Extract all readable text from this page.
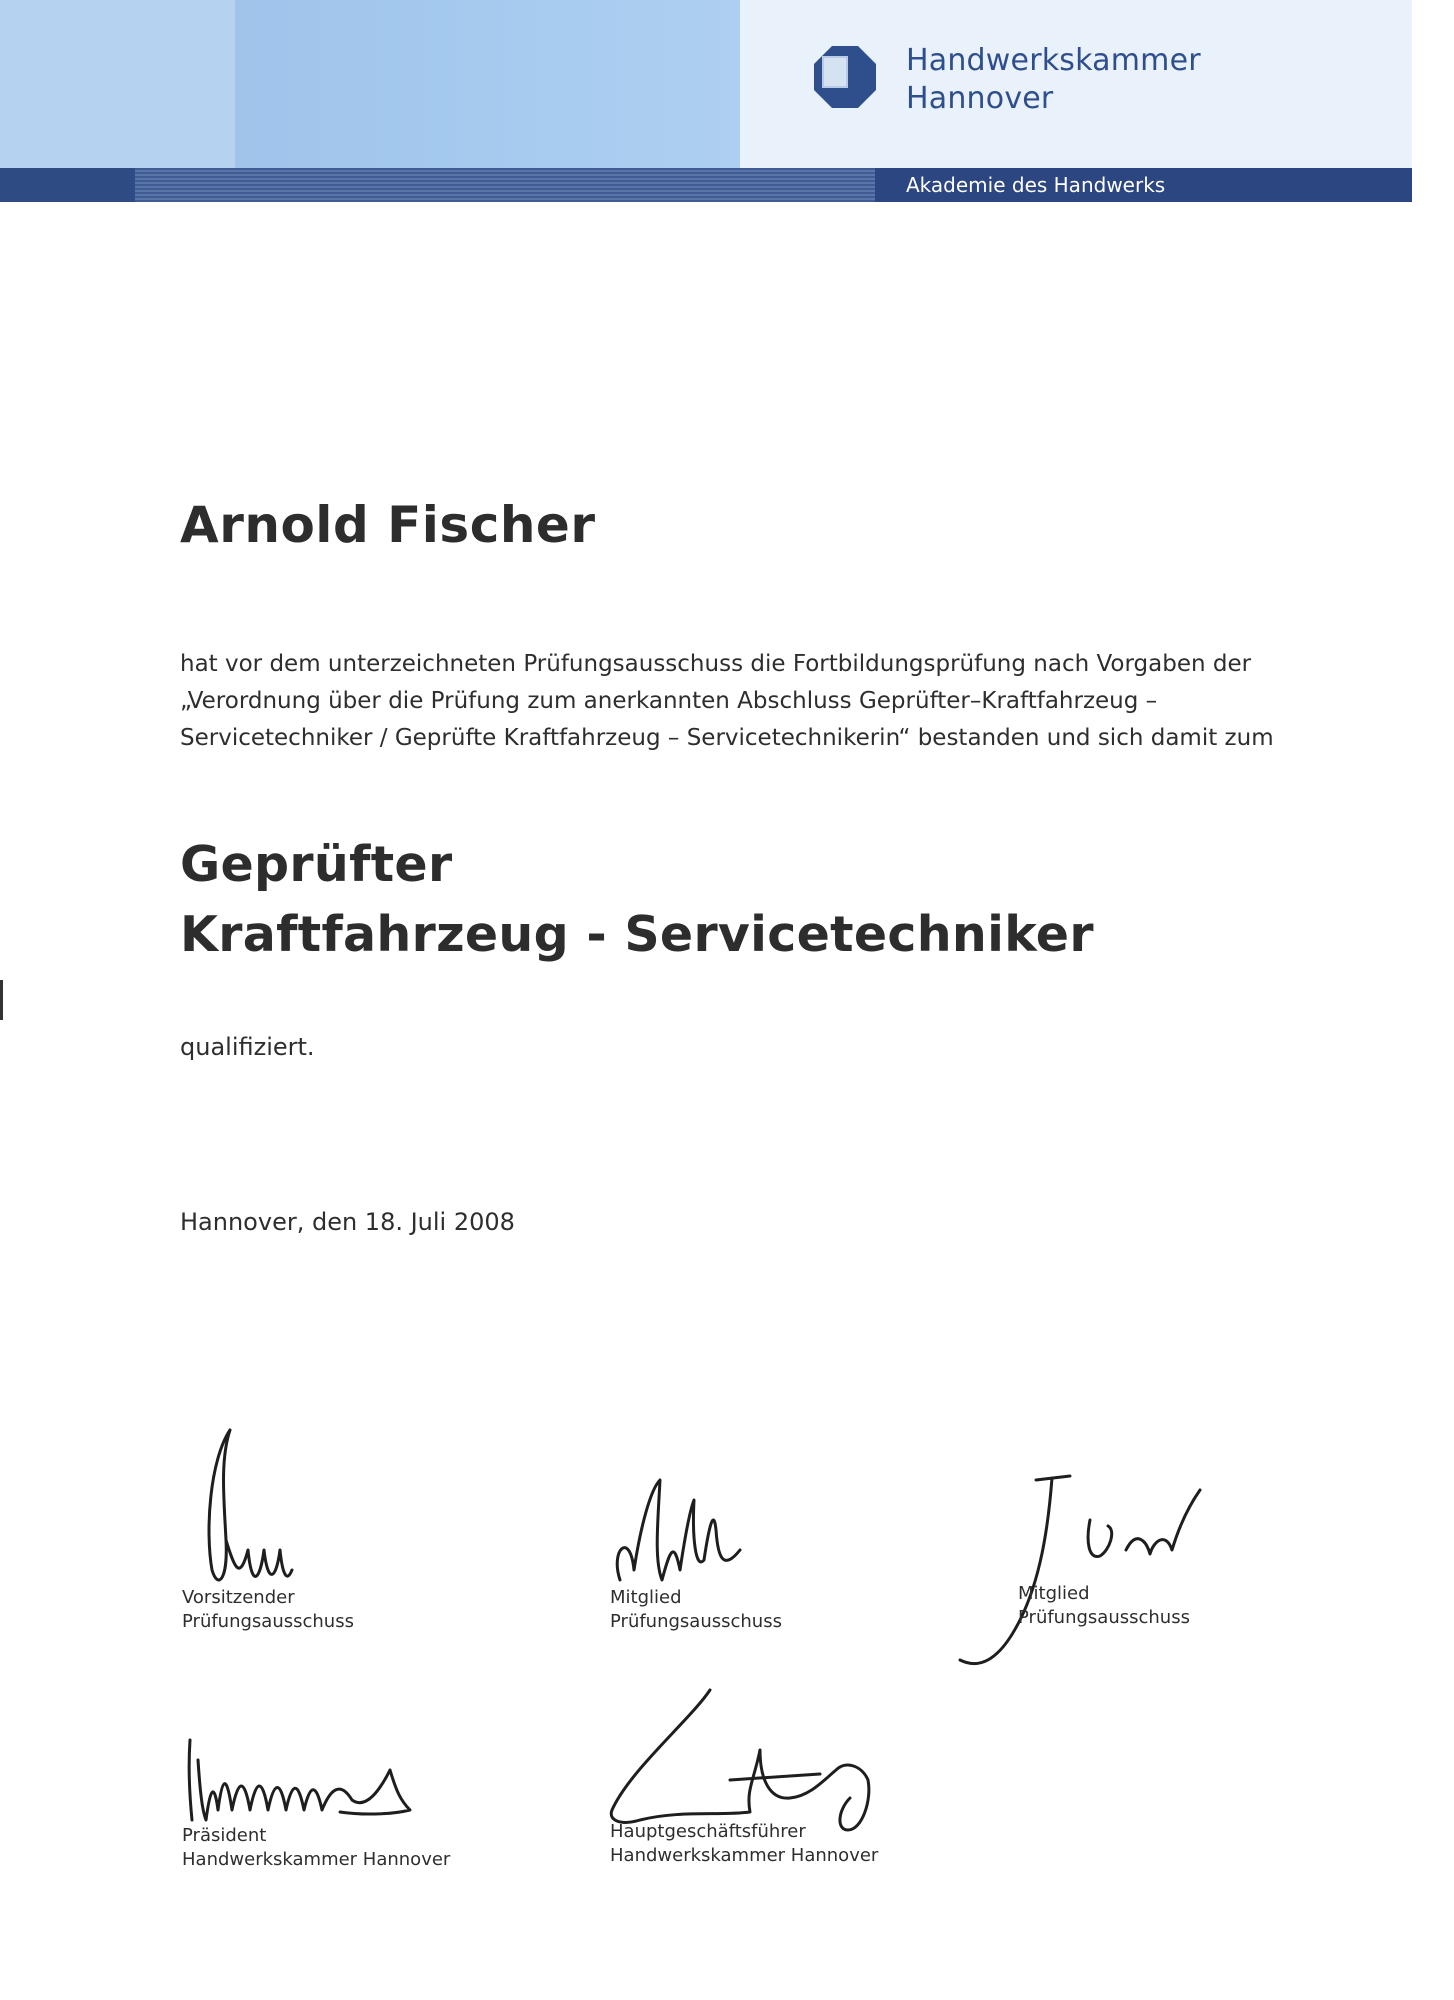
Handwerkskammer
Hannover
Akademie des Handwerks
Arnold Fischer
hat vor dem unterzeichneten Prüfungsausschuss die Fortbildungsprüfung nach Vorgaben der
„Verordnung über die Prüfung zum anerkannten Abschluss Geprüfter–Kraftfahrzeug –
Servicetechniker / Geprüfte Kraftfahrzeug – Servicetechnikerin“ bestanden und sich damit zum
Geprüfter
Kraftfahrzeug - Servicetechniker
qualifiziert.
Hannover, den 18. Juli 2008
Vorsitzender
Prüfungsausschuss
Mitglied
Prüfungsausschuss
Mitglied
Prüfungsausschuss
Präsident
Handwerkskammer Hannover
Hauptgeschäftsführer
Handwerkskammer Hannover
